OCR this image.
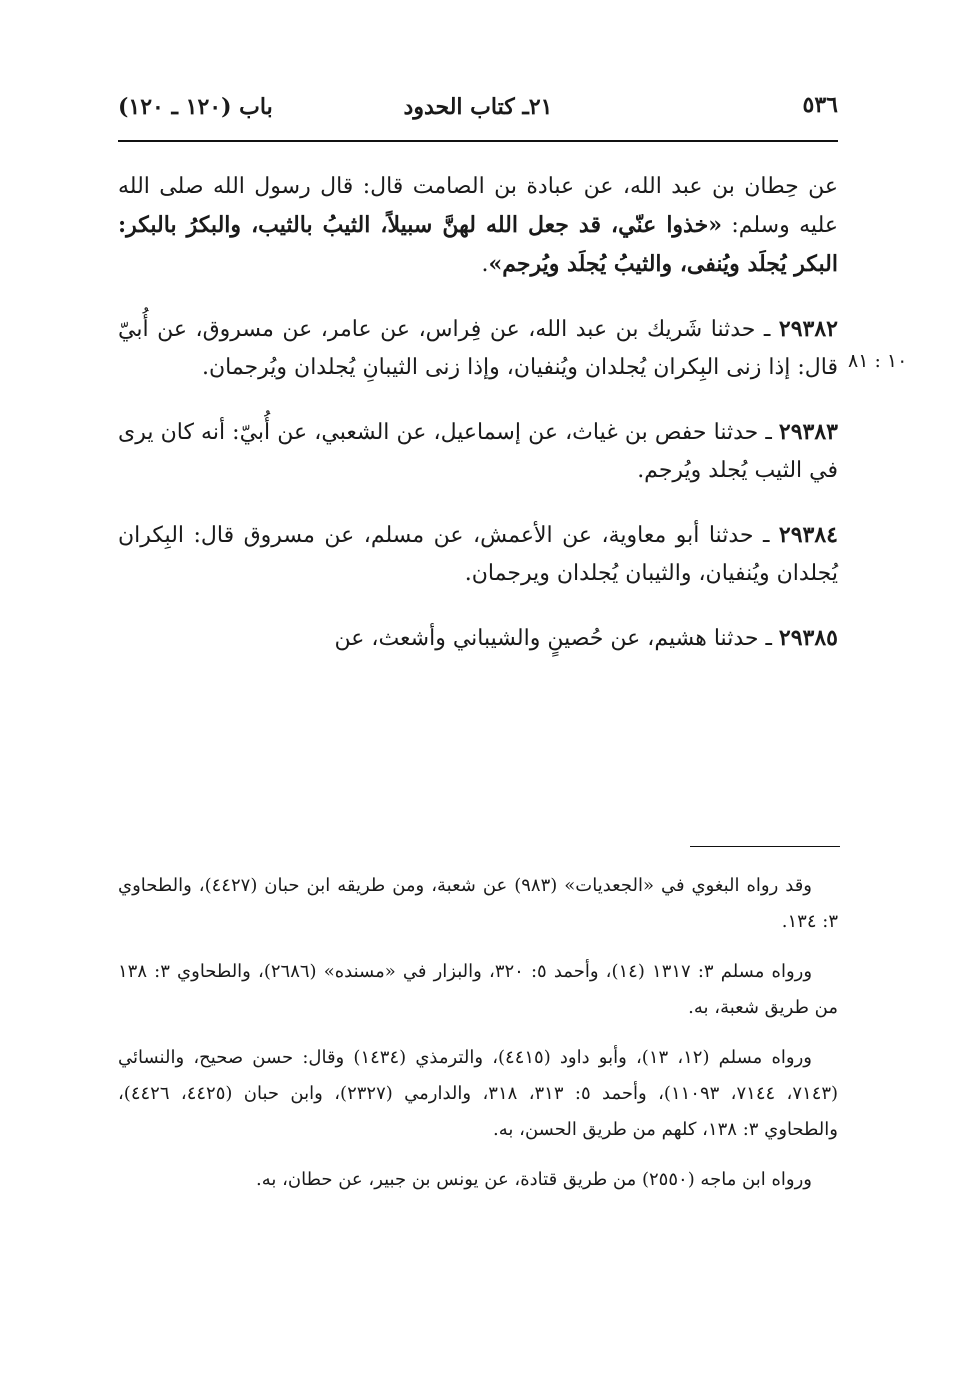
باب (١٢٠ ـ ١٢٠)	٢١ـ كتاب الحدود	٥٣٦
١٠ : ٨١

عن حِطان بن عبد الله، عن عبادة بن الصامت قال: قال رسول الله صلى الله عليه وسلم: «خذوا عنّي، قد جعل الله لهنَّ سبيلاً، الثيبُ بالثيب، والبكرُ بالبكر: البكر يُجلَد ويُنفى، والثيبُ يُجلَد ويُرجم».

٢٩٣٨٢ ـ حدثنا شَريك بن عبد الله، عن فِراس، عن عامر، عن مسروق، عن أُبيّ قال: إذا زنى البِكران يُجلدان ويُنفيان، وإذا زنى الثيبانِ يُجلدان ويُرجمان.

٢٩٣٨٣ ـ حدثنا حفص بن غياث، عن إسماعيل، عن الشعبي، عن أُبيّ: أنه كان يرى في الثيب يُجلد ويُرجم.

٢٩٣٨٤ ـ حدثنا أبو معاوية، عن الأعمش، عن مسلم، عن مسروق قال: البِكران يُجلدان ويُنفيان، والثيبان يُجلدان ويرجمان.

٢٩٣٨٥ ـ حدثنا هشيم، عن حُصينٍ والشيباني وأشعث، عن

وقد رواه البغوي في «الجعديات» (٩٨٣) عن شعبة، ومن طريقه ابن حبان (٤٤٢٧)، والطحاوي ٣: ١٣٤.

ورواه مسلم ٣: ١٣١٧ (١٤)، وأحمد ٥: ٣٢٠، والبزار في «مسنده» (٢٦٨٦)، والطحاوي ٣: ١٣٨ من طريق شعبة، به.

ورواه مسلم (١٢، ١٣)، وأبو داود (٤٤١٥)، والترمذي (١٤٣٤) وقال: حسن صحيح، والنسائي (٧١٤٣، ٧١٤٤، ١١٠٩٣)، وأحمد ٥: ٣١٣، ٣١٨، والدارمي (٢٣٢٧)، وابن حبان (٤٤٢٥، ٤٤٢٦)، والطحاوي ٣: ١٣٨، كلهم من طريق الحسن، به.

ورواه ابن ماجه (٢٥٥٠) من طريق قتادة، عن يونس بن جبير، عن حطان، به.
